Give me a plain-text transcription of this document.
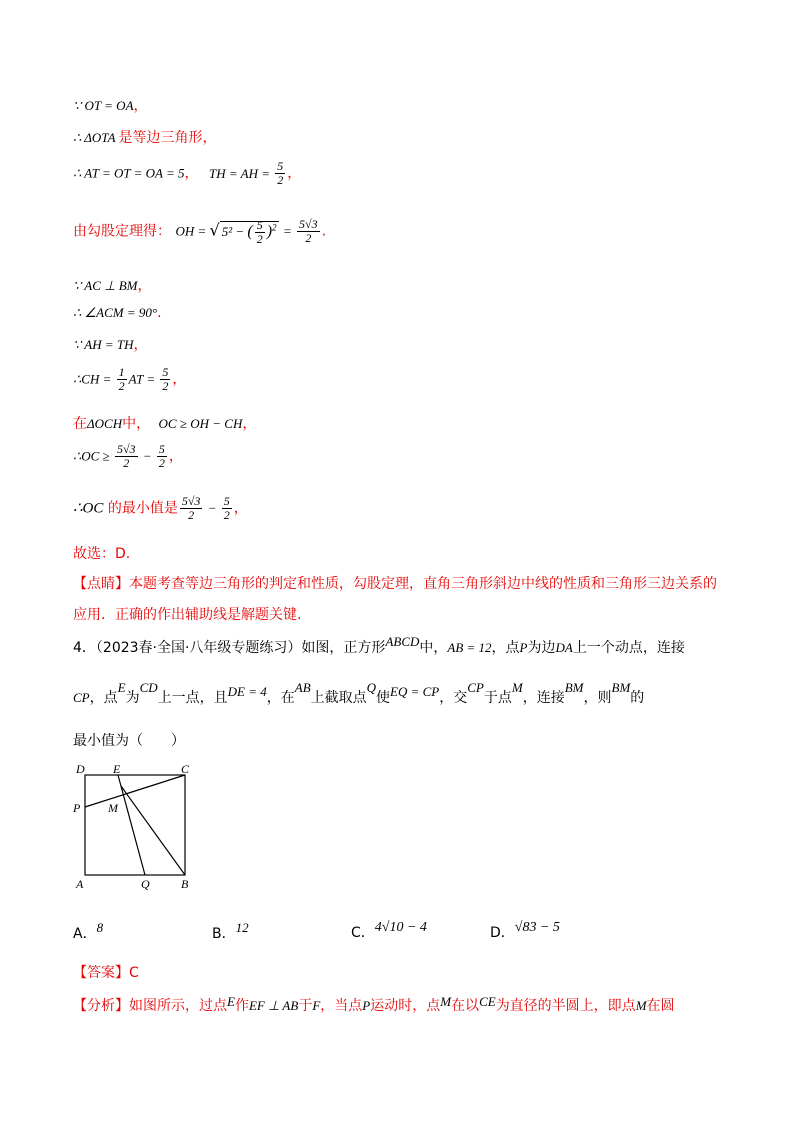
∵ OT = OA，
∴ ΔOTA 是等边三角形，
∴ AT = OT = OA = 5， TH = AH = $\frac{5}{2}$ ，
由勾股定理得： OH = √ 5² − ( $\frac{5}{2} )^2 = \frac{5√3}{2}$ .
∵ AC ⊥ BM，
∴ ∠ACM = 90°.
∵ AH = TH，
∴CH = $\frac{1}{2}$ AT = $\frac{5}{2}$ ，
在ΔOCH中， OC ≥ OH − CH，
∴OC ≥ $\frac{5√3}{2} - \frac{5}{2}$ ，
∴OC 的最小值是 $\frac{5√3}{2} - \frac{5}{2}$ ，
故选：D.
【点睛】本题考查等边三角形的判定和性质，勾股定理，直角三角形斜边中线的性质和三角形三边关系的
应用．正确的作出辅助线是解题关键.
4．（2023春·全国·八年级专题练习）如图，正方形ABCD中，AB = 12，点P为边DA上一个动点，连接
CP，点E为CD上一点，且DE = 4，在AB上截取点Q使EQ = CP，交CP于点M，连接BM，则BM的
最小值为（　　）
D E	C
P M
A	Q	B
A．8	B．12	C．4√10 − 4	D．√83 − 5
【答案】C
【分析】如图所示，过点E作EF ⊥ AB于F，当点P运动时，点M在以CE为直径的半圆上，即点M在圆
